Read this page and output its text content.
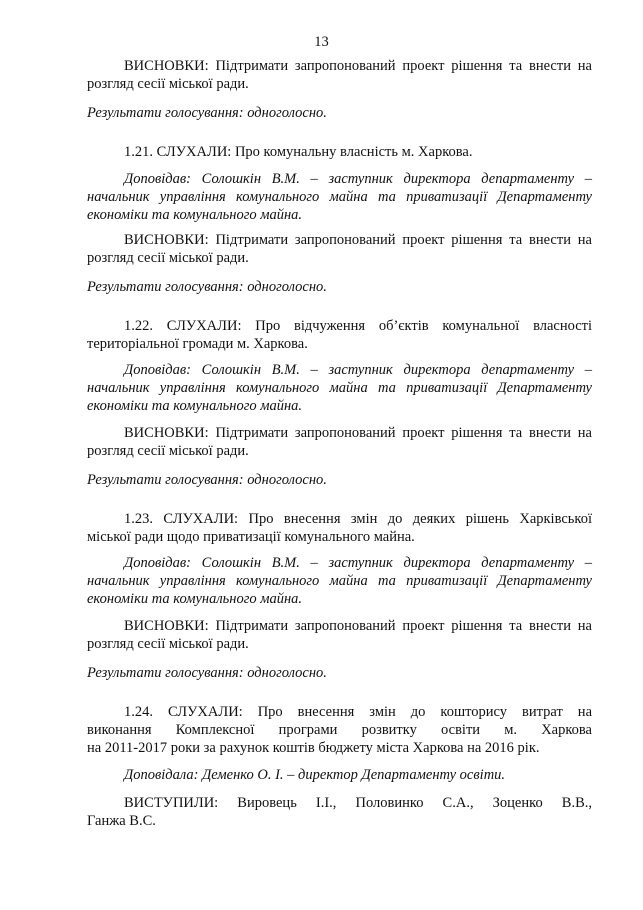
13
ВИСНОВКИ: Підтримати запропонований проект рішення та внести на
розгляд сесії міської ради.
Результати голосування: одноголосно.
1.21. СЛУХАЛИ: Про комунальну власність м. Харкова.
Доповідав: Солошкін В.М. – заступник директора департаменту –
начальник управління комунального майна та приватизації Департаменту
економіки та комунального майна.
ВИСНОВКИ: Підтримати запропонований проект рішення та внести на
розгляд сесії міської ради.
Результати голосування: одноголосно.
1.22. СЛУХАЛИ: Про відчуження об’єктів комунальної власності
територіальної громади м. Харкова.
Доповідав: Солошкін В.М. – заступник директора департаменту –
начальник управління комунального майна та приватизації Департаменту
економіки та комунального майна.
ВИСНОВКИ: Підтримати запропонований проект рішення та внести на
розгляд сесії міської ради.
Результати голосування: одноголосно.
1.23. СЛУХАЛИ: Про внесення змін до деяких рішень Харківської
міської ради щодо приватизації комунального майна.
Доповідав: Солошкін В.М. – заступник директора департаменту –
начальник управління комунального майна та приватизації Департаменту
економіки та комунального майна.
ВИСНОВКИ: Підтримати запропонований проект рішення та внести на
розгляд сесії міської ради.
Результати голосування: одноголосно.
1.24. СЛУХАЛИ: Про внесення змін до кошторису витрат на
виконання Комплексної програми розвитку освіти м. Харкова
на 2011-2017 роки за рахунок коштів бюджету міста Харкова на 2016 рік.
Доповідала: Деменко О. І. – директор Департаменту освіти.
ВИСТУПИЛИ: Вировець І.І., Половинко С.А., Зоценко В.В.,
Ганжа В.С.
